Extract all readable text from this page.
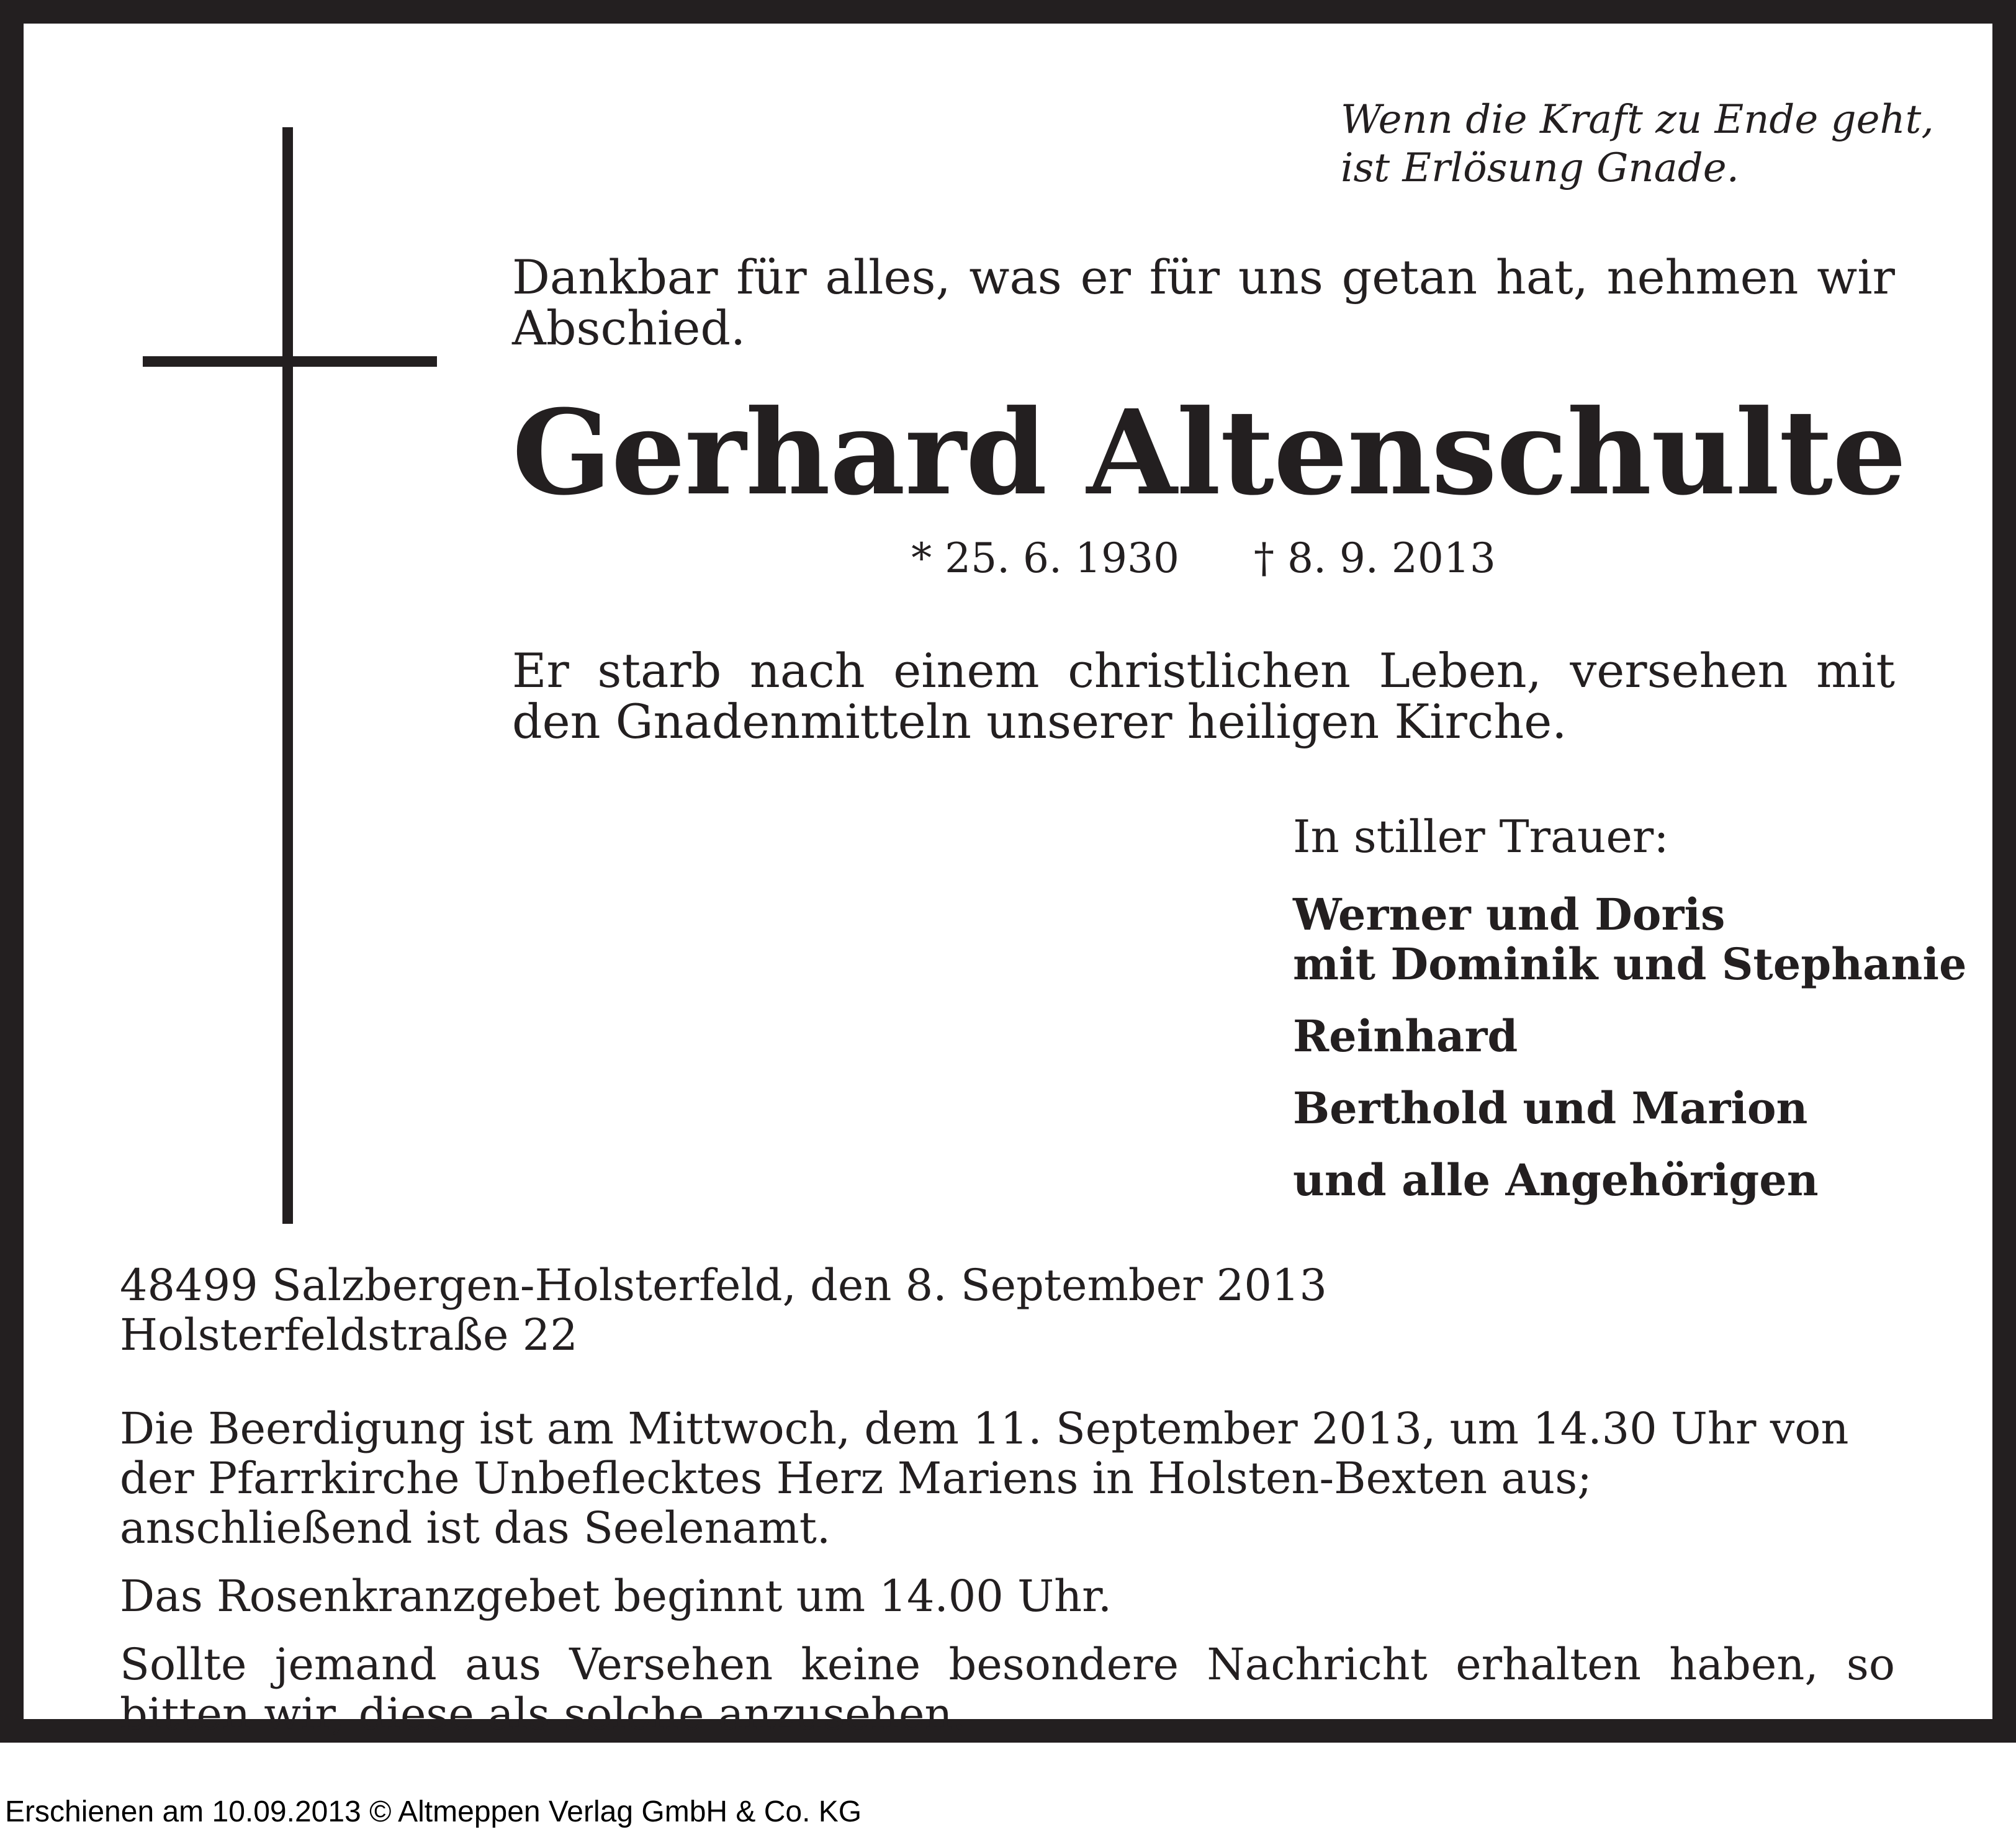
Wenn die Kraft zu Ende geht,
ist Erlösung Gnade.
Dankbar für alles, was er für uns getan hat, nehmen wir Abschied.
Gerhard Altenschulte
* 25. 6. 1930 † 8. 9. 2013
Er starb nach einem christlichen Leben, versehen mit den Gnadenmitteln unserer heiligen Kirche.
In stiller Trauer:
Werner und Doris
mit Dominik und Stephanie
Reinhard
Berthold und Marion
und alle Angehörigen
48499 Salzbergen-Holsterfeld, den 8. September 2013
Holsterfeldstraße 22

Die Beerdigung ist am Mittwoch, dem 11. September 2013, um 14.30 Uhr von der Pfarrkirche Unbeflecktes Herz Mariens in Holsten-Bexten aus; anschließend ist das Seelenamt.

Das Rosenkranzgebet beginnt um 14.00 Uhr.

Sollte jemand aus Versehen keine besondere Nachricht erhalten haben, so bitten wir, diese als solche anzusehen.

Erschienen am 10.09.2013 © Altmeppen Verlag GmbH & Co. KG
